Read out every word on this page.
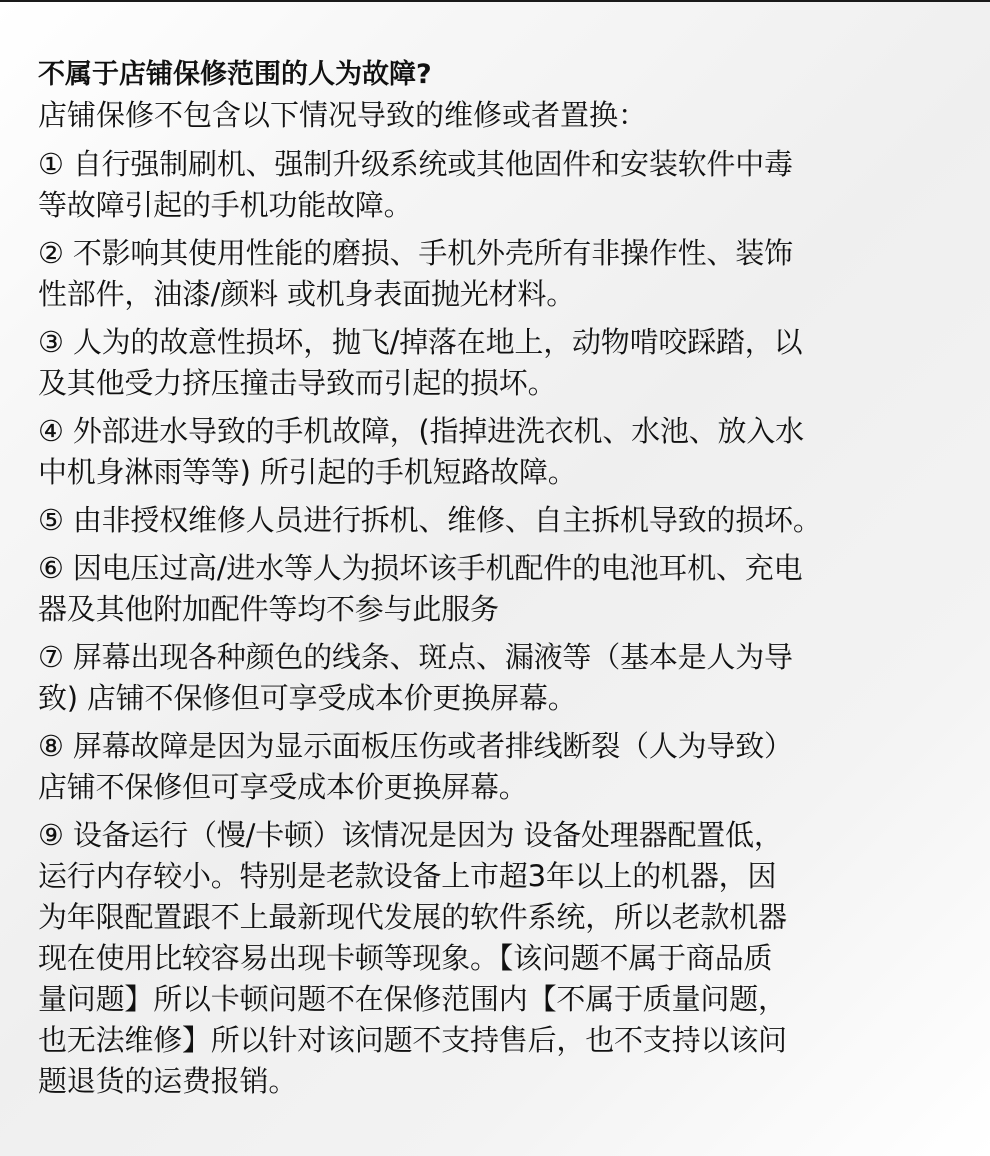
不属于店铺保修范围的人为故障?

店铺保修不包含以下情况导致的维修或者置换：

① 自行强制刷机、强制升级系统或其他固件和安装软件中毒
等故障引起的手机功能故障。
② 不影响其使用性能的磨损、手机外壳所有非操作性、装饰
性部件，油漆/颜料 或机身表面抛光材料。
③ 人为的故意性损坏，抛飞/掉落在地上，动物啃咬踩踏，以
及其他受力挤压撞击导致而引起的损坏。
④ 外部进水导致的手机故障，(指掉进洗衣机、水池、放入水
中机身淋雨等等) 所引起的手机短路故障。
⑤ 由非授权维修人员进行拆机、维修、自主拆机导致的损坏。
⑥ 因电压过高/进水等人为损坏该手机配件的电池耳机、充电
器及其他附加配件等均不参与此服务
⑦ 屏幕出现各种颜色的线条、斑点、漏液等（基本是人为导
致) 店铺不保修但可享受成本价更换屏幕。
⑧ 屏幕故障是因为显示面板压伤或者排线断裂（人为导致）
店铺不保修但可享受成本价更换屏幕。
⑨ 设备运行（慢/卡顿）该情况是因为 设备处理器配置低，
运行内存较小。特别是老款设备上市超3年以上的机器，因
为年限配置跟不上最新现代发展的软件系统，所以老款机器
现在使用比较容易出现卡顿等现象。【该问题不属于商品质
量问题】所以卡顿问题不在保修范围内【不属于质量问题，
也无法维修】所以针对该问题不支持售后，也不支持以该问
题退货的运费报销。
